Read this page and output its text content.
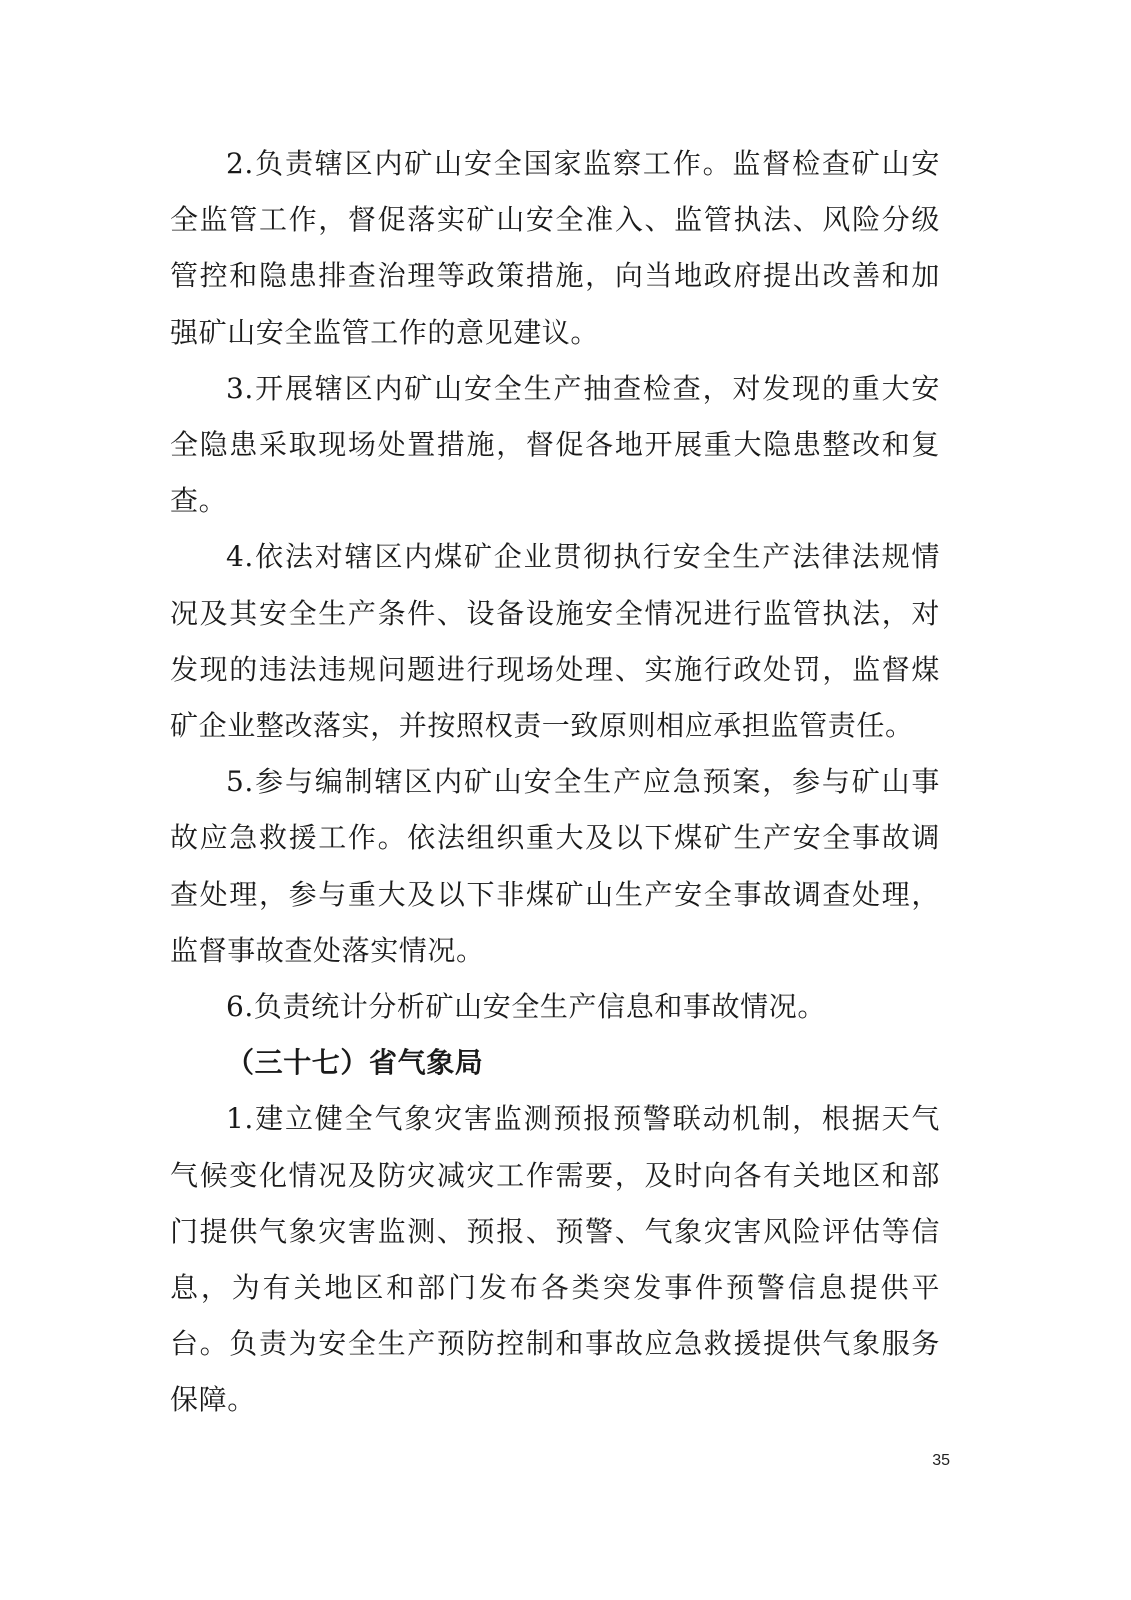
2.负责辖区内矿山安全国家监察工作。监督检查矿山安全监管工作，督促落实矿山安全准入、监管执法、风险分级管控和隐患排查治理等政策措施，向当地政府提出改善和加强矿山安全监管工作的意见建议。

3.开展辖区内矿山安全生产抽查检查，对发现的重大安全隐患采取现场处置措施，督促各地开展重大隐患整改和复查。

4.依法对辖区内煤矿企业贯彻执行安全生产法律法规情况及其安全生产条件、设备设施安全情况进行监管执法，对发现的违法违规问题进行现场处理、实施行政处罚，监督煤矿企业整改落实，并按照权责一致原则相应承担监管责任。

5.参与编制辖区内矿山安全生产应急预案，参与矿山事故应急救援工作。依法组织重大及以下煤矿生产安全事故调查处理，参与重大及以下非煤矿山生产安全事故调查处理，监督事故查处落实情况。

6.负责统计分析矿山安全生产信息和事故情况。

（三十七）省气象局

1.建立健全气象灾害监测预报预警联动机制，根据天气气候变化情况及防灾减灾工作需要，及时向各有关地区和部门提供气象灾害监测、预报、预警、气象灾害风险评估等信息，为有关地区和部门发布各类突发事件预警信息提供平台。负责为安全生产预防控制和事故应急救援提供气象服务保障。

35
